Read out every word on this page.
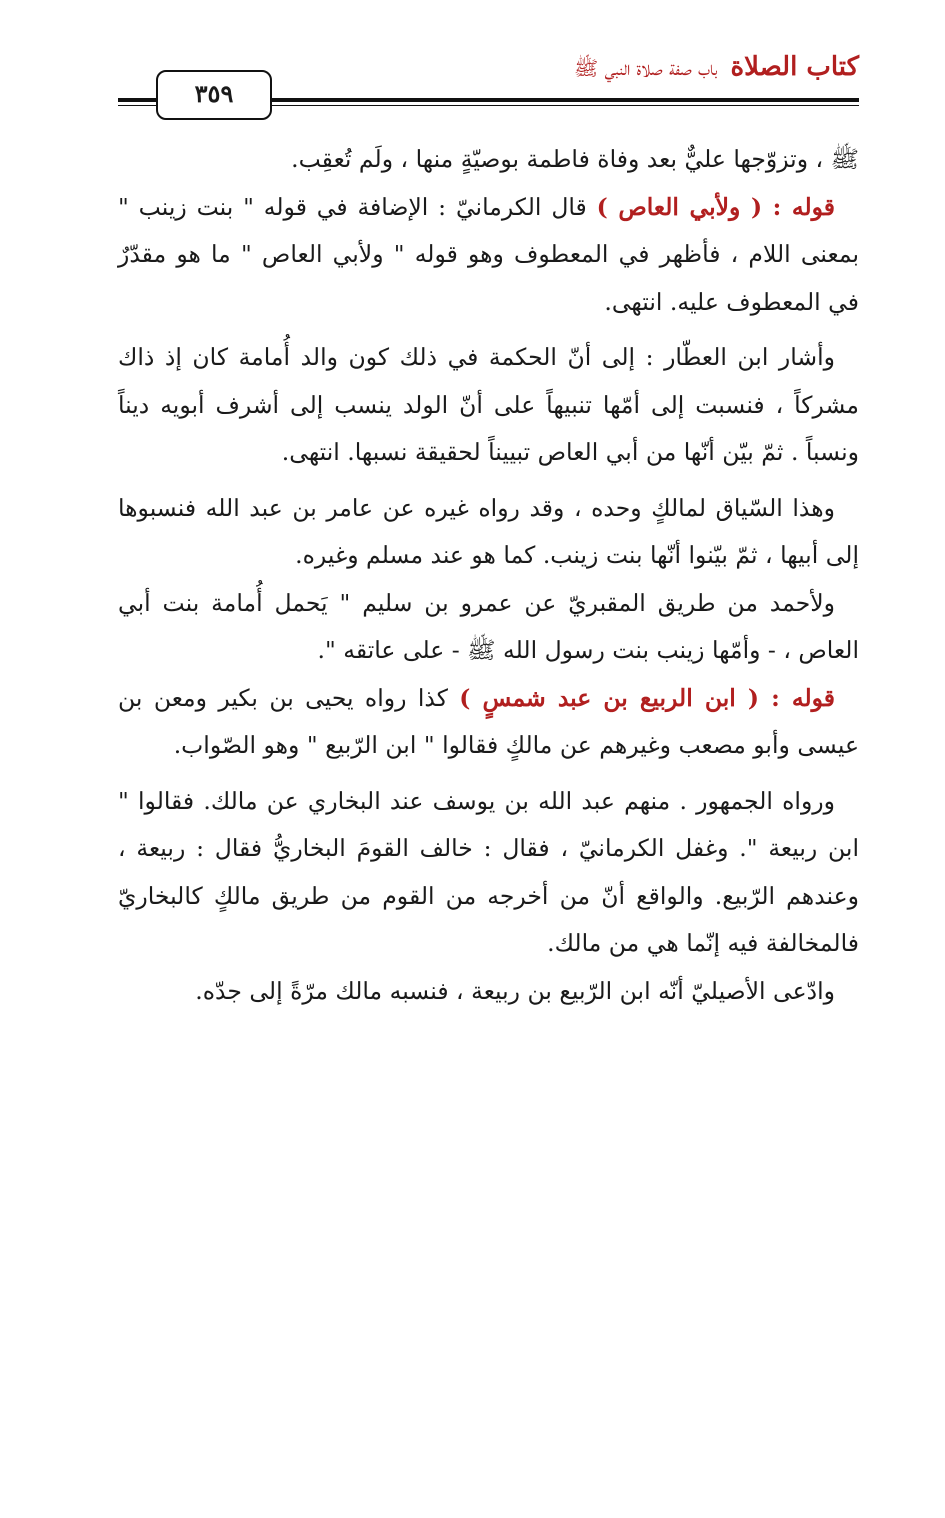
كتاب الصلاة باب صفة صلاة النبي ﷺ
٣٥٩

ﷺ ، وتزوّجها عليٌّ بعد وفاة فاطمة بوصيّةٍ منها ، ولَم تُعقِب.

قوله : ( ولأبي العاص ) قال الكرمانيّ : الإضافة في قوله " بنت زينب " بمعنى اللام ، فأظهر في المعطوف وهو قوله " ولأبي العاص " ما هو مقدّرٌ في المعطوف عليه. انتهى.

وأشار ابن العطّار : إلى أنّ الحكمة في ذلك كون والد أُمامة كان إذ ذاك مشركاً ، فنسبت إلى أمّها تنبيهاً على أنّ الولد ينسب إلى أشرف أبويه ديناً ونسباً . ثمّ بيّن أنّها من أبي العاص تبييناً لحقيقة نسبها. انتهى.

وهذا السّياق لمالكٍ وحده ، وقد رواه غيره عن عامر بن عبد الله فنسبوها إلى أبيها ، ثمّ بيّنوا أنّها بنت زينب. كما هو عند مسلم وغيره.

ولأحمد من طريق المقبريّ عن عمرو بن سليم " يَحمل أُمامة بنت أبي العاص ، - وأمّها زينب بنت رسول الله ﷺ - على عاتقه ".

قوله : ( ابن الربيع بن عبد شمسٍ ) كذا رواه يحيى بن بكير ومعن بن عيسى وأبو مصعب وغيرهم عن مالكٍ فقالوا " ابن الرّبيع " وهو الصّواب.

ورواه الجمهور . منهم عبد الله بن يوسف عند البخاري عن مالك. فقالوا " ابن ربيعة ". وغفل الكرمانيّ ، فقال : خالف القومَ البخاريُّ فقال : ربيعة ، وعندهم الرّبيع. والواقع أنّ من أخرجه من القوم من طريق مالكٍ كالبخاريّ فالمخالفة فيه إنّما هي من مالك.

وادّعى الأصيليّ أنّه ابن الرّبيع بن ربيعة ، فنسبه مالك مرّةً إلى جدّه.
